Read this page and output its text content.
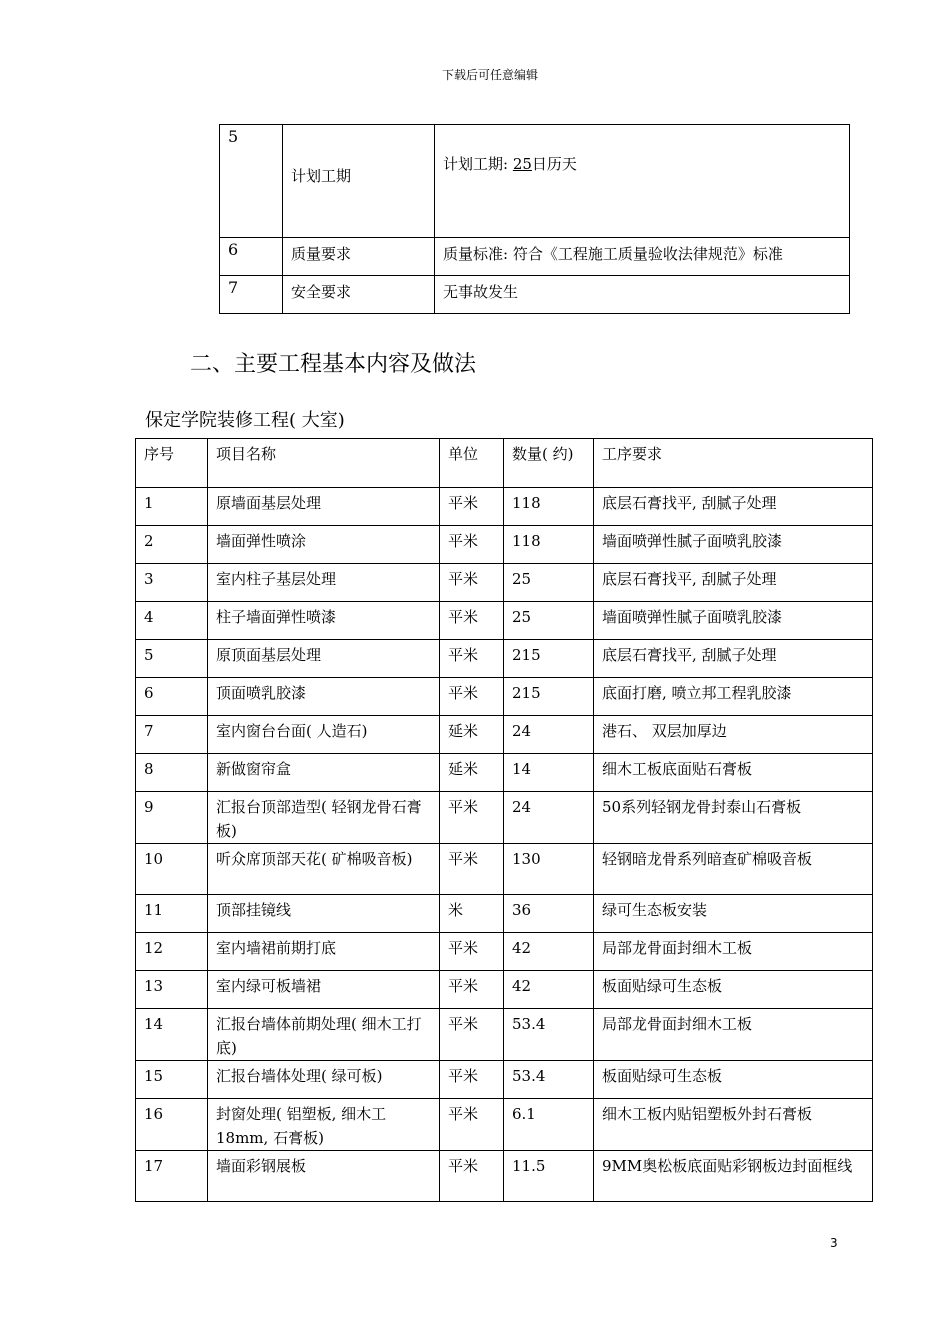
下载后可任意编辑
5	计划工期	计划工期: 25日历天
6	质量要求	质量标准: 符合《工程施工质量验收法律规范》标准
7	安全要求	无事故发生
二、主要工程基本内容及做法
保定学院装修工程( 大室)
序号	项目名称	单位	数量( 约)	工序要求
1	原墙面基层处理	平米	118	底层石膏找平, 刮腻子处理
2	墙面弹性喷涂	平米	118	墙面喷弹性腻子面喷乳胶漆
3	室内柱子基层处理	平米	25	底层石膏找平, 刮腻子处理
4	柱子墙面弹性喷漆	平米	25	墙面喷弹性腻子面喷乳胶漆
5	原顶面基层处理	平米	215	底层石膏找平, 刮腻子处理
6	顶面喷乳胶漆	平米	215	底面打磨, 喷立邦工程乳胶漆
7	室内窗台台面( 人造石)	延米	24	港石、 双层加厚边
8	新做窗帘盒	延米	14	细木工板底面贴石膏板
9	汇报台顶部造型( 轻钢龙骨石膏板)	平米	24	50系列轻钢龙骨封泰山石膏板
10	听众席顶部天花( 矿棉吸音板)	平米	130	轻钢暗龙骨系列暗查矿棉吸音板
11	顶部挂镜线	米	36	绿可生态板安装
12	室内墙裙前期打底	平米	42	局部龙骨面封细木工板
13	室内绿可板墙裙	平米	42	板面贴绿可生态板
14	汇报台墙体前期处理( 细木工打底)	平米	53.4	局部龙骨面封细木工板
15	汇报台墙体处理( 绿可板)	平米	53.4	板面贴绿可生态板
16	封窗处理( 铝塑板, 细木工18mm, 石膏板)	平米	6.1	细木工板内贴铝塑板外封石膏板
17	墙面彩钢展板	平米	11.5	9MM奥松板底面贴彩钢板边封面框线
3
